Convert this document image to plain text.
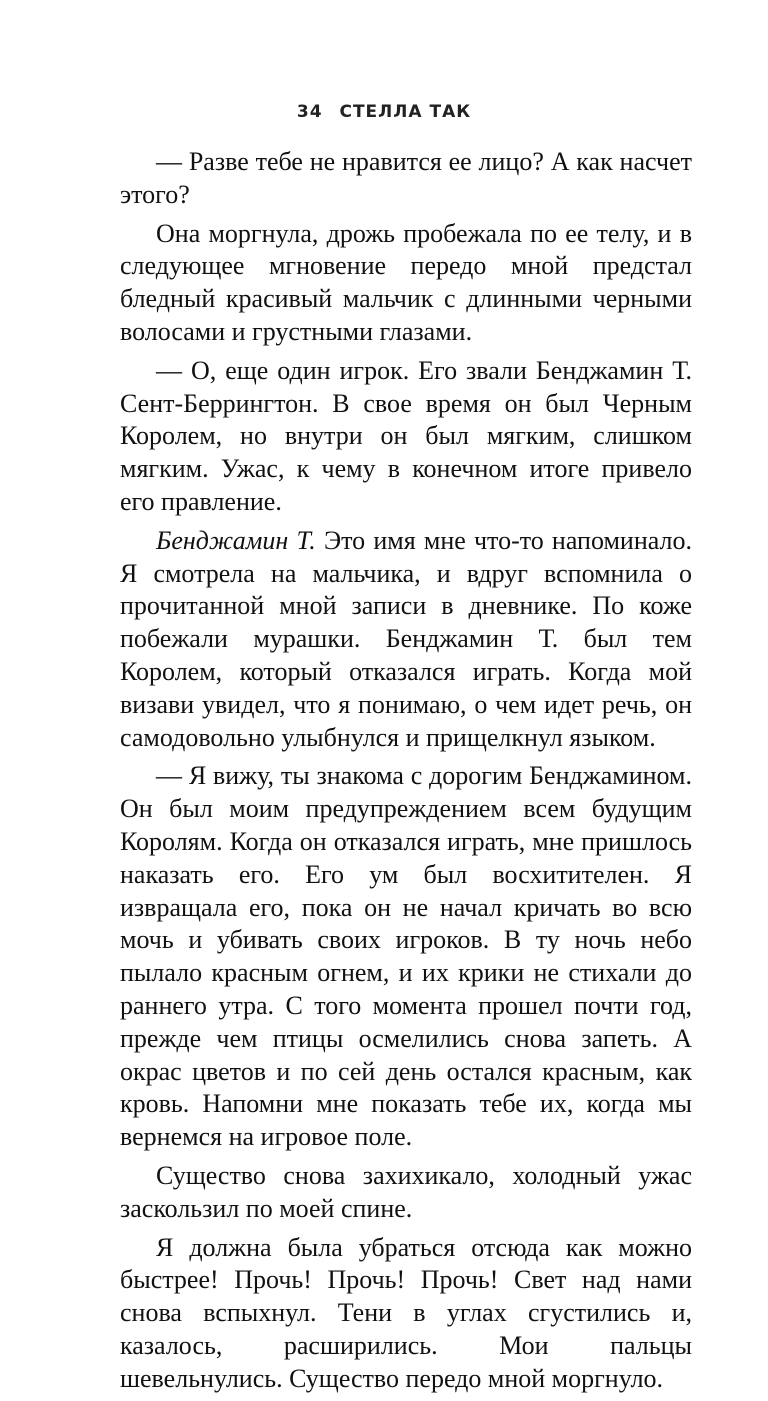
34 СТЕЛЛА ТАК

— Разве тебе не нравится ее лицо? А как насчет этого?

Она моргнула, дрожь пробежала по ее телу, и в следующее мгновение передо мной предстал бледный красивый мальчик с длинными черными волосами и грустными глазами.

— О, еще один игрок. Его звали Бенджамин Т. Сент-Беррингтон. В свое время он был Черным Королем, но внутри он был мягким, слишком мягким. Ужас, к чему в конечном итоге привело его правление.

Бенджамин Т. Это имя мне что-то напоминало. Я смотрела на мальчика, и вдруг вспомнила о прочитанной мной записи в дневнике. По коже побежали мурашки. Бенджамин Т. был тем Королем, который отказался играть. Когда мой визави увидел, что я понимаю, о чем идет речь, он самодовольно улыбнулся и прищелкнул языком.

— Я вижу, ты знакома с дорогим Бенджамином. Он был моим предупреждением всем будущим Королям. Когда он отказался играть, мне пришлось наказать его. Его ум был восхитителен. Я извращала его, пока он не начал кричать во всю мочь и убивать своих игроков. В ту ночь небо пылало красным огнем, и их крики не стихали до раннего утра. С того момента прошел почти год, прежде чем птицы осмелились снова запеть. А окрас цветов и по сей день остался красным, как кровь. Напомни мне показать тебе их, когда мы вернемся на игровое поле.

Существо снова захихикало, холодный ужас заскользил по моей спине.

Я должна была убраться отсюда как можно быстрее! Прочь! Прочь! Прочь! Свет над нами снова вспыхнул. Тени в углах сгустились и, казалось, расширились. Мои пальцы шевельнулись. Существо передо мной моргнуло.
